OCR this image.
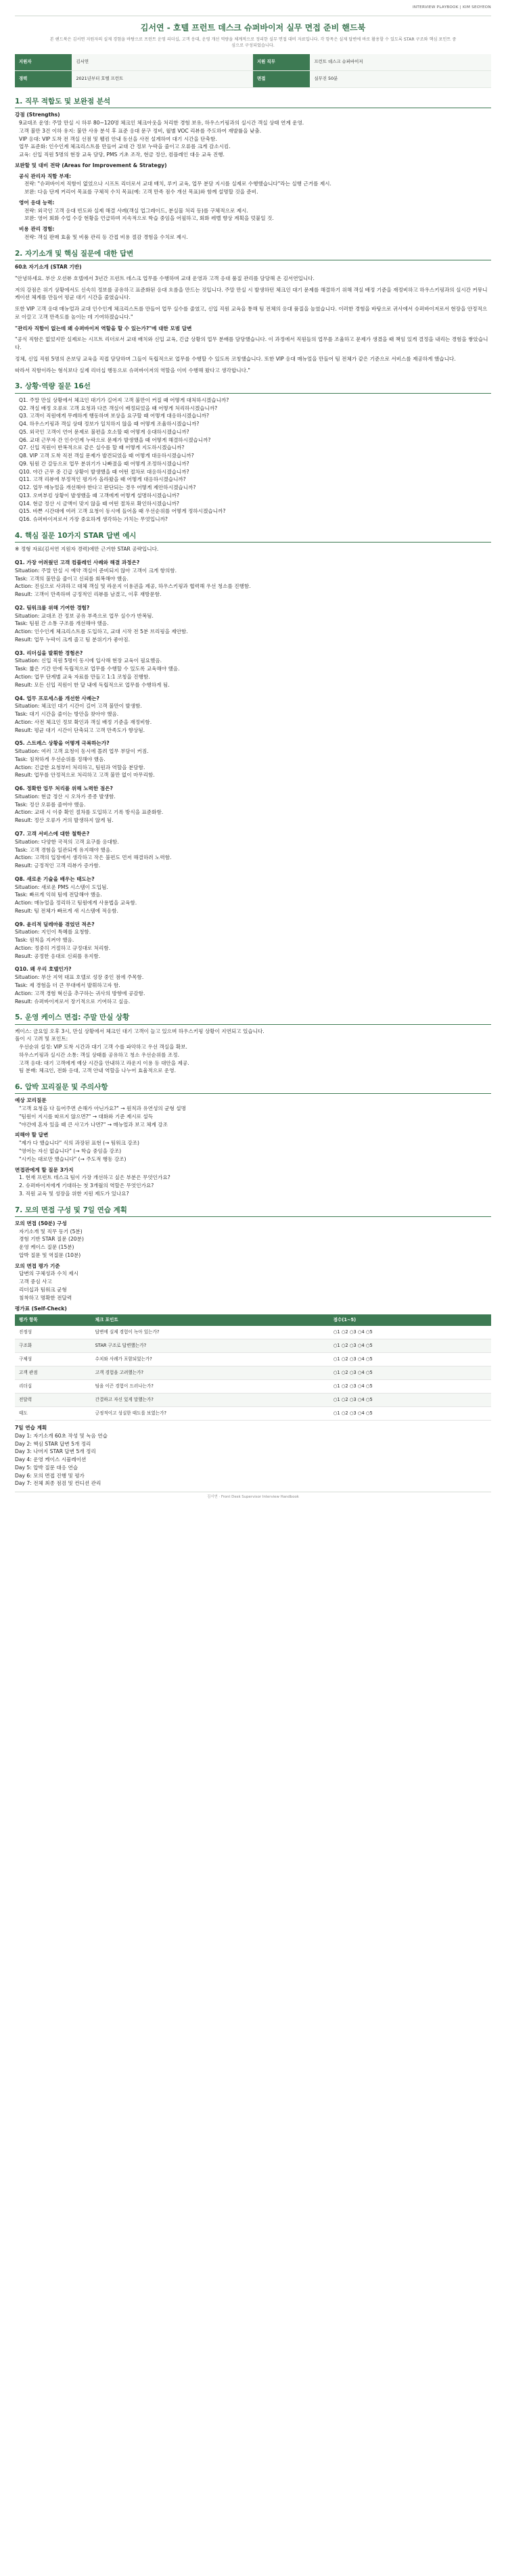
INTERVIEW PLAYBOOK | KIM SEOYEON
김서연 - 호텔 프런트 데스크 슈퍼바이저 실무 면접 준비 핸드북
본 핸드북은 김서연 지원자의 실제 경험을 바탕으로 프런트 운영 리더십, 고객 응대, 운영 개선 역량을 체계적으로 정리한 실무 면접 대비 자료입니다. 각 항목은 실제 답변에 바로 활용할 수 있도록 STAR 구조와 핵심 포인트 중심으로 구성되었습니다.
지원자	김서연	지원 직무	프런트 데스크 슈퍼바이저
경력	2021년부터 호텔 프런트	면접	실무진 50분
1. 직무 적합도 및 보완점 분석
강점 (Strengths)
9교대조 운영: 주말 만실 시 하루 80~120명 체크인 체크아웃을 처리한 경험 보유, 하우스키핑과의 실시간 객실 상태 연계 운영.
고객 불만 3건 이하 유지: 불만 사유 분석 후 표준 응대 문구 정비, 월별 VOC 리뷰를 주도하여 재발률을 낮춤.
VIP 응대: VIP 도착 전 객실 선점 및 웰컴 안내 동선을 사전 설계하여 대기 시간을 단축함.
업무 표준화: 인수인계 체크리스트를 만들어 교대 간 정보 누락을 줄이고 오류를 크게 감소시킴.
교육: 신입 직원 5명의 현장 교육 담당, PMS 기초 조작, 현금 정산, 컴플레인 대응 교육 진행.
보완할 및 대비 전략 (Areas for Improvement & Strategy)
공식 관리자 직함 부재:
전략: "슈퍼바이저 직함이 없었으나 시프트 리더로서 교대 배치, 루키 교육, 업무 분담 지시를 실제로 수행했습니다"라는 실행 근거를 제시.
보완: 다음 단계 커리어 목표를 구체적 수치 목표(예: 고객 만족 점수 개선 목표)와 함께 설명할 것을 준비.
영어 응대 능력:
전략: 외국인 고객 응대 빈도와 실제 해결 사례(객실 업그레이드, 분실물 처리 등)를 구체적으로 제시.
보완: 영어 회화 수업 수강 현황을 언급하며 지속적으로 학습 중임을 어필하고, 회화 레벨 향상 계획을 덧붙일 것.
비용 관리 경험:
전략: 객실 판매 효율 및 비품 관리 등 간접 비용 절감 경험을 수치로 제시.
2. 자기소개 및 핵심 질문에 대한 답변
60초 자기소개 (STAR 기반)
"안녕하세요. 부산 오션뷰 호텔에서 3년간 프런트 데스크 업무를 수행하며 교대 운영과 고객 응대 품질 관리를 담당해 온 김서연입니다.
저의 강점은 위기 상황에서도 신속히 정보를 공유하고 표준화된 응대 흐름을 만드는 것입니다. 주말 만실 시 발생하던 체크인 대기 문제를 해결하기 위해 객실 배정 기준을 재정비하고 하우스키핑과의 실시간 커뮤니케이션 체계를 만들어 평균 대기 시간을 줄였습니다.
또한 VIP 고객 응대 매뉴얼과 교대 인수인계 체크리스트를 만들어 업무 실수를 줄였고, 신입 직원 교육을 통해 팀 전체의 응대 품질을 높였습니다. 이러한 경험을 바탕으로 귀사에서 슈퍼바이저로서 현장을 안정적으로 이끌고 고객 만족도를 높이는 데 기여하겠습니다."
"관리자 직함이 없는데 왜 슈퍼바이저 역할을 할 수 있는가?"에 대한 모범 답변
"공식 직함은 없었지만 실제로는 시프트 리더로서 교대 배치와 신입 교육, 긴급 상황의 업무 분배를 담당했습니다. 이 과정에서 직원들의 업무를 조율하고 문제가 생겼을 때 책임 있게 결정을 내리는 경험을 쌓았습니다.
정체, 신입 직원 5명의 온보딩 교육을 직접 담당하며 그들이 독립적으로 업무를 수행할 수 있도록 코칭했습니다. 또한 VIP 응대 매뉴얼을 만들어 팀 전체가 같은 기준으로 서비스를 제공하게 했습니다.
따라서 직함이라는 형식보다 실제 리더십 행동으로 슈퍼바이저의 역할을 이미 수행해 왔다고 생각합니다."
3. 상황·역량 질문 16선
Q1. 주말 만실 상황에서 체크인 대기가 길어져 고객 불만이 커질 때 어떻게 대처하시겠습니까?
Q2. 객실 배정 오류로 고객 요청과 다른 객실이 배정되었을 때 어떻게 처리하시겠습니까?
Q3. 고객이 직원에게 무례하게 행동하며 보상을 요구할 때 어떻게 대응하시겠습니까?
Q4. 하우스키핑과 객실 상태 정보가 일치하지 않을 때 어떻게 조율하시겠습니까?
Q5. 외국인 고객이 언어 문제로 불편을 호소할 때 어떻게 응대하시겠습니까?
Q6. 교대 근무자 간 인수인계 누락으로 문제가 발생했을 때 어떻게 해결하시겠습니까?
Q7. 신입 직원이 반복적으로 같은 실수를 할 때 어떻게 지도하시겠습니까?
Q8. VIP 고객 도착 직전 객실 문제가 발견되었을 때 어떻게 대응하시겠습니까?
Q9. 팀원 간 갈등으로 업무 분위기가 나빠졌을 때 어떻게 조정하시겠습니까?
Q10. 야간 근무 중 긴급 상황이 발생했을 때 어떤 절차로 대응하시겠습니까?
Q11. 고객 리뷰에 부정적인 평가가 올라왔을 때 어떻게 대응하시겠습니까?
Q12. 업무 매뉴얼을 개선해야 한다고 판단되는 경우 어떻게 제안하시겠습니까?
Q13. 오버부킹 상황이 발생했을 때 고객에게 어떻게 설명하시겠습니까?
Q14. 현금 정산 시 금액이 맞지 않을 때 어떤 절차로 확인하시겠습니까?
Q15. 바쁜 시간대에 여러 고객 요청이 동시에 들어올 때 우선순위를 어떻게 정하시겠습니까?
Q16. 슈퍼바이저로서 가장 중요하게 생각하는 가치는 무엇입니까?
4. 핵심 질문 10가지 STAR 답변 예시
※ 정형 자료(김서연 지원자 경력)에만 근거한 STAR 공략입니다.
Q1. 가장 어려웠던 고객 컴플레인 사례와 해결 과정은?
Situation: 주말 만실 시 예약 객실이 준비되지 않아 고객이 크게 항의함.
Task: 고객의 불만을 줄이고 신뢰를 회복해야 했음.
Action: 진심으로 사과하고 대체 객실 및 라운지 이용권을 제공, 하우스키핑과 협력해 우선 청소를 진행함.
Result: 고객이 만족하며 긍정적인 리뷰를 남겼고, 이후 재방문함.
Q2. 팀워크를 위해 기여한 경험?
Situation: 교대조 간 정보 공유 부족으로 업무 실수가 반복됨.
Task: 팀원 간 소통 구조를 개선해야 했음.
Action: 인수인계 체크리스트를 도입하고, 교대 시작 전 5분 브리핑을 제안함.
Result: 업무 누락이 크게 줄고 팀 분위기가 좋아짐.
Q3. 리더십을 발휘한 경험은?
Situation: 신입 직원 5명이 동시에 입사해 현장 교육이 필요했음.
Task: 짧은 기간 안에 독립적으로 업무를 수행할 수 있도록 교육해야 했음.
Action: 업무 단계별 교육 자료를 만들고 1:1 코칭을 진행함.
Result: 모든 신입 직원이 한 달 내에 독립적으로 업무를 수행하게 됨.
Q4. 업무 프로세스를 개선한 사례는?
Situation: 체크인 대기 시간이 길어 고객 불만이 발생함.
Task: 대기 시간을 줄이는 방안을 찾아야 했음.
Action: 사전 체크인 정보 확인과 객실 배정 기준을 재정비함.
Result: 평균 대기 시간이 단축되고 고객 만족도가 향상됨.
Q5. 스트레스 상황을 어떻게 극복하는가?
Situation: 여러 고객 요청이 동시에 몰려 업무 부담이 커짐.
Task: 침착하게 우선순위를 정해야 했음.
Action: 긴급한 요청부터 처리하고, 팀원과 역할을 분담함.
Result: 업무를 안정적으로 처리하고 고객 불만 없이 마무리함.
Q6. 정확한 업무 처리를 위해 노력한 점은?
Situation: 현금 정산 시 오차가 종종 발생함.
Task: 정산 오류를 줄여야 했음.
Action: 교대 시 이중 확인 절차를 도입하고 기록 방식을 표준화함.
Result: 정산 오류가 거의 발생하지 않게 됨.
Q7. 고객 서비스에 대한 철학은?
Situation: 다양한 국적의 고객 요구를 응대함.
Task: 고객 경험을 일관되게 유지해야 했음.
Action: 고객의 입장에서 생각하고 작은 불편도 먼저 해결하려 노력함.
Result: 긍정적인 고객 리뷰가 증가함.
Q8. 새로운 기술을 배우는 태도는?
Situation: 새로운 PMS 시스템이 도입됨.
Task: 빠르게 익혀 팀에 전달해야 했음.
Action: 매뉴얼을 정리하고 팀원에게 사용법을 교육함.
Result: 팀 전체가 빠르게 새 시스템에 적응함.
Q9. 윤리적 딜레마를 겪었던 적은?
Situation: 지인이 특혜를 요청함.
Task: 원칙을 지켜야 했음.
Action: 정중히 거절하고 규정대로 처리함.
Result: 공정한 응대로 신뢰를 유지함.
Q10. 왜 우리 호텔인가?
Situation: 부산 지역 대표 호텔로 성장 중인 점에 주목함.
Task: 제 경험을 더 큰 무대에서 발휘하고자 함.
Action: 고객 경험 혁신을 추구하는 귀사의 방향에 공감함.
Result: 슈퍼바이저로서 장기적으로 기여하고 싶음.
5. 운영 케이스 면접: 주말 만실 상황
케이스: 금요일 오후 3시, 만실 상황에서 체크인 대기 고객이 늘고 있으며 하우스키핑 상황이 지연되고 있습니다.
풀이 시 고려 및 포인트:
우선순위 설정: VIP 도착 시간과 대기 고객 수를 파악하고 우선 객실을 확보.
하우스키핑과 실시간 소통: 객실 상태를 공유하고 청소 우선순위를 조정.
고객 응대: 대기 고객에게 예상 시간을 안내하고 라운지 이용 등 대안을 제공.
팀 분배: 체크인, 전화 응대, 고객 안내 역할을 나누어 효율적으로 운영.
6. 압박 꼬리질문 및 주의사항
예상 꼬리질문
"고객 요청을 다 들어주면 손해가 아닌가요?" → 원칙과 유연성의 균형 설명
"팀원이 지시를 따르지 않으면?" → 대화와 기준 제시로 설득
"야간에 혼자 있을 때 큰 사고가 나면?" → 매뉴얼과 보고 체계 강조
피해야 할 답변
"제가 다 했습니다" 식의 과장된 표현 (→ 팀워크 강조)
"영어는 자신 없습니다" (→ 학습 중임을 강조)
"시키는 대로만 했습니다" (→ 주도적 행동 강조)
면접관에게 할 질문 3가지
1. 현재 프런트 데스크 팀이 가장 개선하고 싶은 부분은 무엇인가요?
2. 슈퍼바이저에게 기대하는 첫 3개월의 역할은 무엇인가요?
3. 직원 교육 및 성장을 위한 지원 제도가 있나요?
7. 모의 면접 구성 및 7일 연습 계획
모의 면접 (50분) 구성
자기소개 및 직무 동기 (5분)
경험 기반 STAR 질문 (20분)
운영 케이스 질문 (15분)
압박 질문 및 역질문 (10분)
모의 면접 평가 기준
답변의 구체성과 수치 제시
고객 중심 사고
리더십과 팀워크 균형
침착하고 명확한 전달력
평가표 (Self-Check)
평가 항목	체크 포인트	점수(1~5)
진정성	답변에 실제 경험이 녹아 있는가?	○1 ○2 ○3 ○4 ○5
구조화	STAR 구조로 답변했는가?	○1 ○2 ○3 ○4 ○5
구체성	수치와 사례가 포함되었는가?	○1 ○2 ○3 ○4 ○5
고객 관점	고객 경험을 고려했는가?	○1 ○2 ○3 ○4 ○5
리더십	팀을 이끈 경험이 드러나는가?	○1 ○2 ○3 ○4 ○5
전달력	간결하고 자신 있게 말했는가?	○1 ○2 ○3 ○4 ○5
태도	긍정적이고 성실한 태도를 보였는가?	○1 ○2 ○3 ○4 ○5
7일 연습 계획
Day 1: 자기소개 60초 작성 및 녹음 연습
Day 2: 핵심 STAR 답변 5개 정리
Day 3: 나머지 STAR 답변 5개 정리
Day 4: 운영 케이스 시뮬레이션
Day 5: 압박 질문 대응 연습
Day 6: 모의 면접 진행 및 평가
Day 7: 전체 최종 점검 및 컨디션 관리
김서연 · Front Desk Supervisor Interview Handbook
